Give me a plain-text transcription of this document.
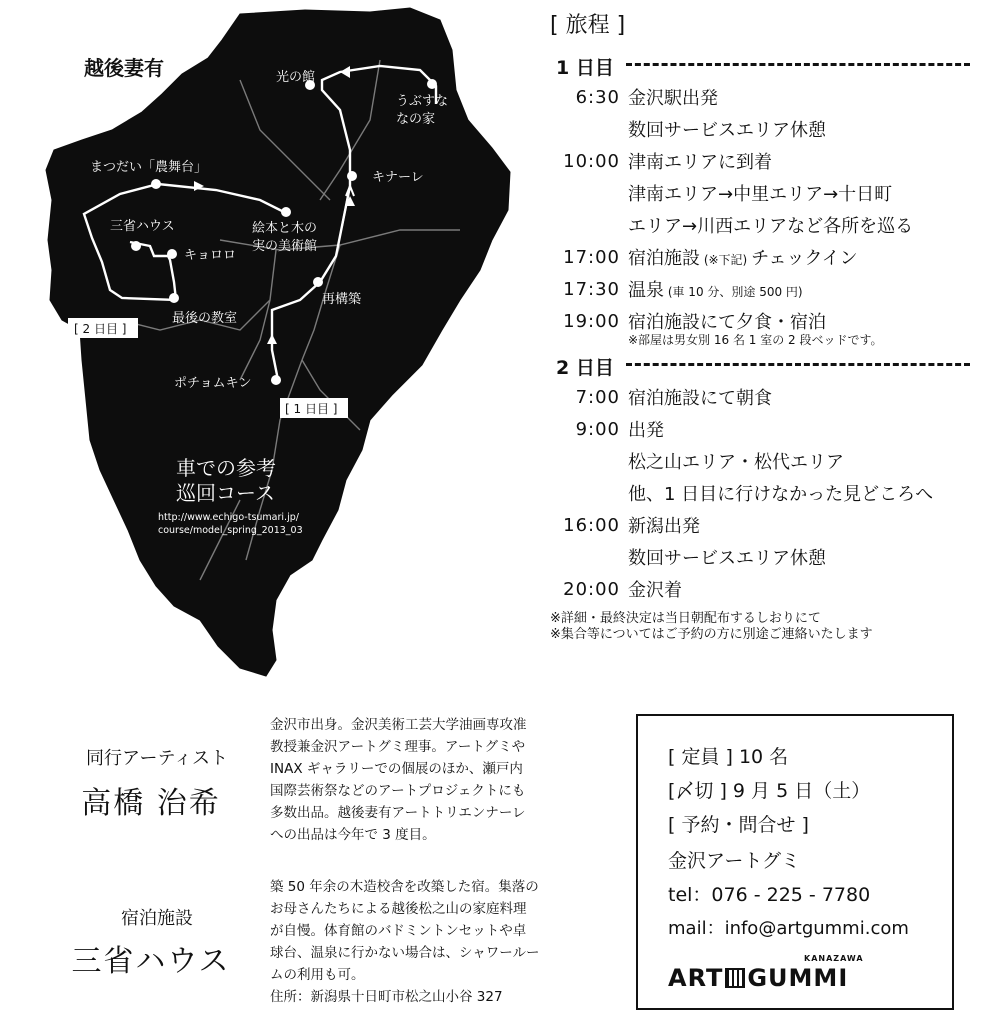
光の館
うぶすな
なの家
キナーレ
まつだい「農舞台」
三省ハウス
キョロロ
絵本と木の
実の美術館
再構築
最後の教室
ポチョムキン
[ 2 日目 ]
[ 1 日目 ]
車での参考
巡回コース
http://www.echigo-tsumari.jp/
course/model_spring_2013_03
越後妻有
[ 旅程 ]
1 日目
6:30 金沢駅出発
数回サービスエリア休憩
10:00 津南エリアに到着
津南エリア→中里エリア→十日町
エリア→川西エリアなど各所を巡る
17:00 宿泊施設 (※下記) チェックイン
17:30 温泉 (車 10 分、別途 500 円)
19:00 宿泊施設にて夕食・宿泊
※部屋は男女別 16 名 1 室の 2 段ベッドです。
2 日目
7:00 宿泊施設にて朝食
9:00 出発
松之山エリア・松代エリア
他、1 日目に行けなかった見どころへ
16:00 新潟出発
数回サービスエリア休憩
20:00 金沢着
※詳細・最終決定は当日朝配布するしおりにて
※集合等についてはご予約の方に別途ご連絡いたします
同行アーティスト
高橋 治希
金沢市出身。金沢美術工芸大学油画専攻准
教授兼金沢アートグミ理事。アートグミや
INAX ギャラリーでの個展のほか、瀬戸内
国際芸術祭などのアートプロジェクトにも
多数出品。越後妻有アートトリエンナーレ
への出品は今年で 3 度目。
宿泊施設
三省ハウス
築 50 年余の木造校舎を改築した宿。集落の
お母さんたちによる越後松之山の家庭料理
が自慢。体育館のバドミントンセットや卓
球台、温泉に行かない場合は、シャワールー
ムの利用も可。
住所：新潟県十日町市松之山小谷 327
[ 定員 ] 10 名
[〆切 ] 9 月 5 日（土）
[ 予約・問合せ ]
金沢アートグミ
tel：076 - 225 - 7780
mail：info@artgummi.com
KANAZAWA
ART GUMMI
